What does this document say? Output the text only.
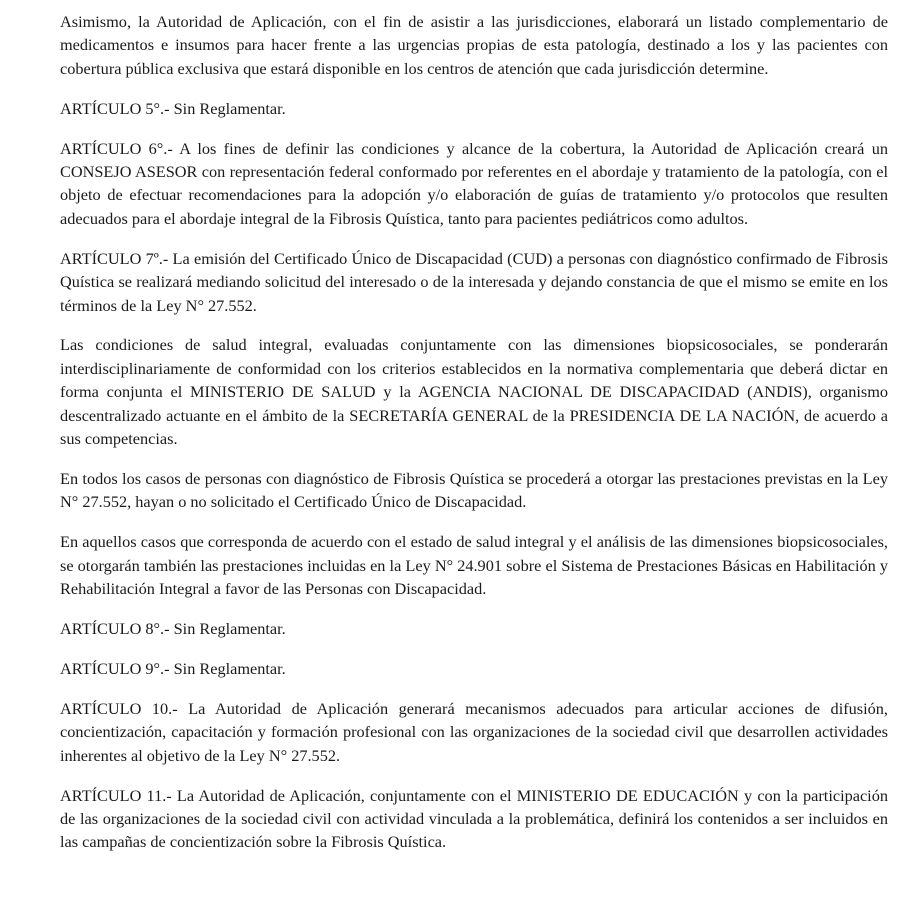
Asimismo, la Autoridad de Aplicación, con el fin de asistir a las jurisdicciones, elaborará un listado complementario de medicamentos e insumos para hacer frente a las urgencias propias de esta patología, destinado a los y las pacientes con cobertura pública exclusiva que estará disponible en los centros de atención que cada jurisdicción determine.

ARTÍCULO 5°.- Sin Reglamentar.

ARTÍCULO 6°.- A los fines de definir las condiciones y alcance de la cobertura, la Autoridad de Aplicación creará un CONSEJO ASESOR con representación federal conformado por referentes en el abordaje y tratamiento de la patología, con el objeto de efectuar recomendaciones para la adopción y/o elaboración de guías de tratamiento y/o protocolos que resulten adecuados para el abordaje integral de la Fibrosis Quística, tanto para pacientes pediátricos como adultos.

ARTÍCULO 7º.- La emisión del Certificado Único de Discapacidad (CUD) a personas con diagnóstico confirmado de Fibrosis Quística se realizará mediando solicitud del interesado o de la interesada y dejando constancia de que el mismo se emite en los términos de la Ley N° 27.552.

Las condiciones de salud integral, evaluadas conjuntamente con las dimensiones biopsicosociales, se ponderarán interdisciplinariamente de conformidad con los criterios establecidos en la normativa complementaria que deberá dictar en forma conjunta el MINISTERIO DE SALUD y la AGENCIA NACIONAL DE DISCAPACIDAD (ANDIS), organismo descentralizado actuante en el ámbito de la SECRETARÍA GENERAL de la PRESIDENCIA DE LA NACIÓN, de acuerdo a sus competencias.

En todos los casos de personas con diagnóstico de Fibrosis Quística se procederá a otorgar las prestaciones previstas en la Ley N° 27.552, hayan o no solicitado el Certificado Único de Discapacidad.

En aquellos casos que corresponda de acuerdo con el estado de salud integral y el análisis de las dimensiones biopsicosociales, se otorgarán también las prestaciones incluidas en la Ley N° 24.901 sobre el Sistema de Prestaciones Básicas en Habilitación y Rehabilitación Integral a favor de las Personas con Discapacidad.

ARTÍCULO 8°.- Sin Reglamentar.

ARTÍCULO 9°.- Sin Reglamentar.

ARTÍCULO 10.- La Autoridad de Aplicación generará mecanismos adecuados para articular acciones de difusión, concientización, capacitación y formación profesional con las organizaciones de la sociedad civil que desarrollen actividades inherentes al objetivo de la Ley N° 27.552.

ARTÍCULO 11.- La Autoridad de Aplicación, conjuntamente con el MINISTERIO DE EDUCACIÓN y con la participación de las organizaciones de la sociedad civil con actividad vinculada a la problemática, definirá los contenidos a ser incluidos en las campañas de concientización sobre la Fibrosis Quística.
